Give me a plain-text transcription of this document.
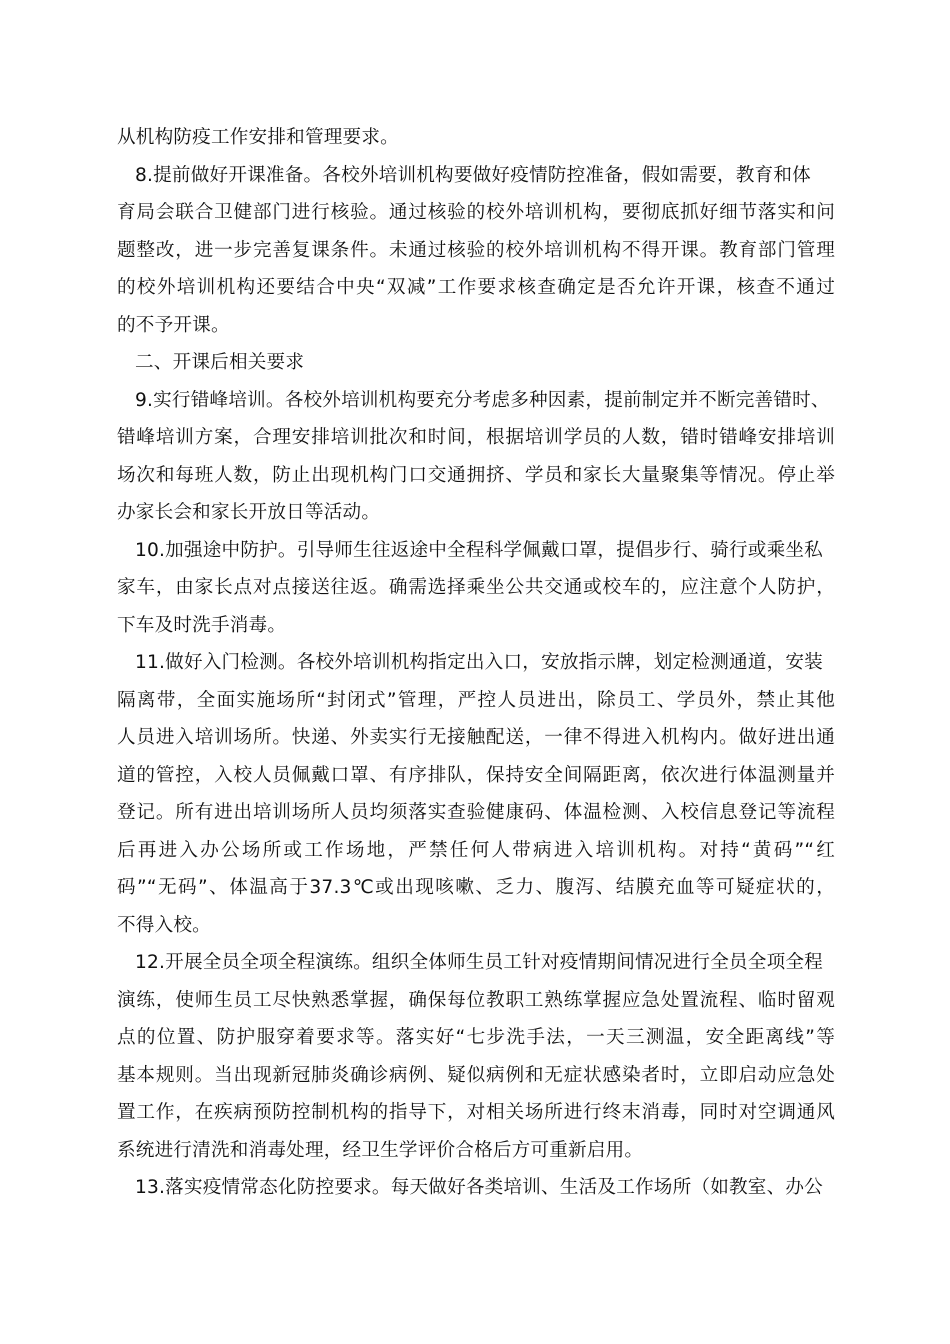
从机构防疫工作安排和管理要求。
8.提前做好开课准备。各校外培训机构要做好疫情防控准备，假如需要，教育和体
育局会联合卫健部门进行核验。通过核验的校外培训机构，要彻底抓好细节落实和问
题整改，进一步完善复课条件。未通过核验的校外培训机构不得开课。教育部门管理
的校外培训机构还要结合中央“双减”工作要求核查确定是否允许开课，核查不通过
的不予开课。
二、开课后相关要求
9.实行错峰培训。各校外培训机构要充分考虑多种因素，提前制定并不断完善错时、
错峰培训方案，合理安排培训批次和时间，根据培训学员的人数，错时错峰安排培训
场次和每班人数，防止出现机构门口交通拥挤、学员和家长大量聚集等情况。停止举
办家长会和家长开放日等活动。
10.加强途中防护。引导师生往返途中全程科学佩戴口罩，提倡步行、骑行或乘坐私
家车，由家长点对点接送往返。确需选择乘坐公共交通或校车的，应注意个人防护，
下车及时洗手消毒。
11.做好入门检测。各校外培训机构指定出入口，安放指示牌，划定检测通道，安装
隔离带，全面实施场所“封闭式”管理，严控人员进出，除员工、学员外，禁止其他
人员进入培训场所。快递、外卖实行无接触配送，一律不得进入机构内。做好进出通
道的管控，入校人员佩戴口罩、有序排队，保持安全间隔距离，依次进行体温测量并
登记。所有进出培训场所人员均须落实查验健康码、体温检测、入校信息登记等流程
后再进入办公场所或工作场地，严禁任何人带病进入培训机构。对持“黄码”“红
码”“无码”、体温高于37.3℃或出现咳嗽、乏力、腹泻、结膜充血等可疑症状的，
不得入校。
12.开展全员全项全程演练。组织全体师生员工针对疫情期间情况进行全员全项全程
演练，使师生员工尽快熟悉掌握，确保每位教职工熟练掌握应急处置流程、临时留观
点的位置、防护服穿着要求等。落实好“七步洗手法，一天三测温，安全距离线”等
基本规则。当出现新冠肺炎确诊病例、疑似病例和无症状感染者时，立即启动应急处
置工作，在疾病预防控制机构的指导下，对相关场所进行终末消毒，同时对空调通风
系统进行清洗和消毒处理，经卫生学评价合格后方可重新启用。
13.落实疫情常态化防控要求。每天做好各类培训、生活及工作场所（如教室、办公
